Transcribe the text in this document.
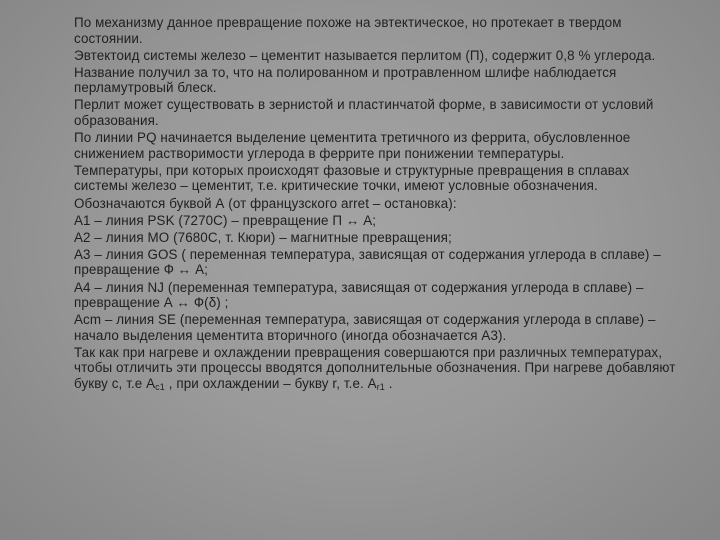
По механизму данное превращение похоже на эвтектическое, но протекает в твердом состоянии.

Эвтектоид системы железо – цементит называется перлитом (П), содержит 0,8 % углерода.

Название получил за то, что на полированном и протравленном шлифе наблюдается перламутровый блеск.

Перлит может существовать в зернистой и пластинчатой форме, в зависимости от условий образования.

По линии PQ начинается выделение цементита третичного из феррита, обусловленное снижением растворимости углерода в феррите при понижении температуры.

Температуры, при которых происходят фазовые и структурные превращения в сплавах системы железо – цементит, т.е. критические точки, имеют условные обозначения.

Обозначаются буквой А (от французского arret – остановка):

А1 – линия PSK (7270С) – превращение П ↔ А;

А2 – линия МО (7680С, т. Кюри) – магнитные превращения;

А3 – линия GOS ( переменная температура, зависящая от содержания углерода в сплаве) – превращение Ф ↔ А;

А4 – линия NJ (переменная температура, зависящая от содержания углерода в сплаве) – превращение А ↔ Ф(δ) ;

Аcm – линия SE (переменная температура, зависящая от содержания углерода в сплаве) – начало выделения цементита вторичного (иногда обозначается А3).

Так как при нагреве и охлаждении превращения совершаются при различных температурах, чтобы отличить эти процессы вводятся дополнительные обозначения. При нагреве добавляют букву с, т.е $А_{с1}$ , при охлаждении – букву r, т.е. $А_{r1}$ .
